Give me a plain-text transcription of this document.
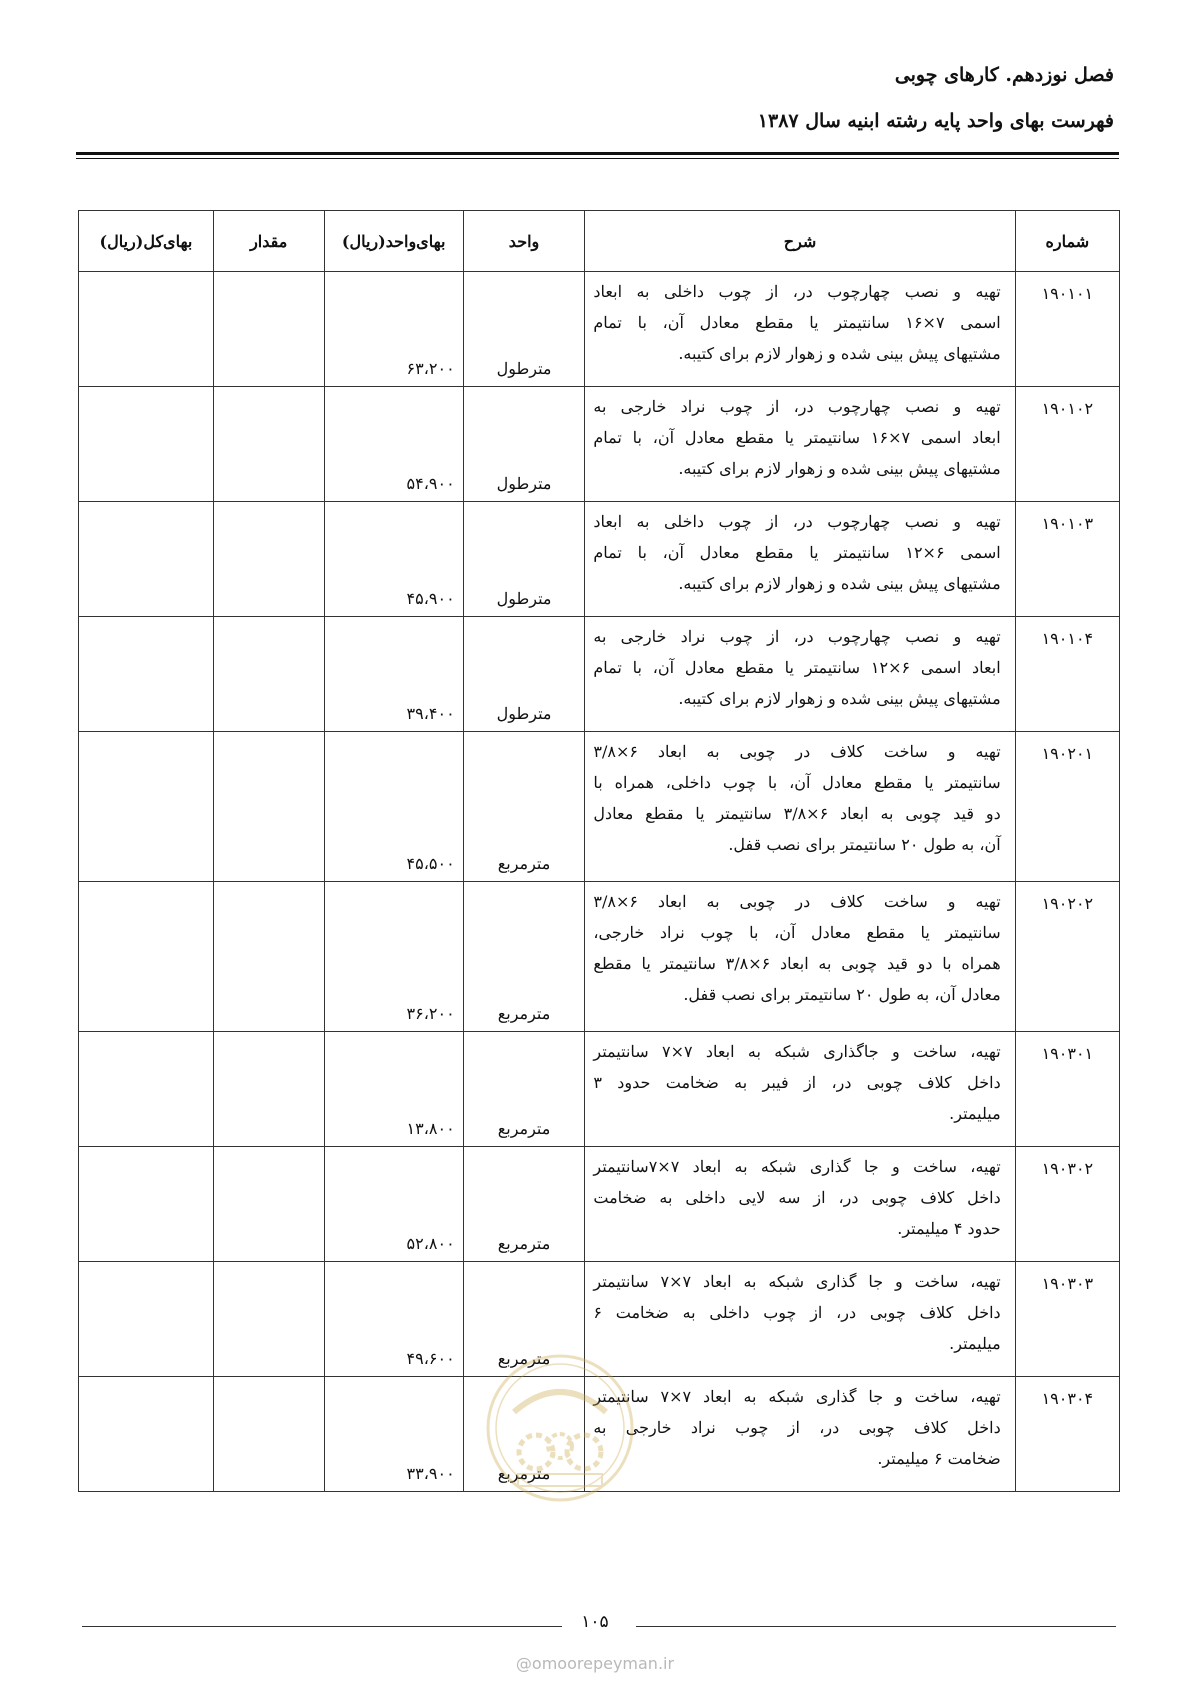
فصل نوزدهم. کارهای چوبی
فهرست بهای واحد پایه رشته ابنیه سال ۱۳۸۷
شماره	شرح	واحد	بهای‌واحد(ریال)	مقدار	بهای‌کل(ریال)
۱۹۰۱۰۱	تهیه و نصب چهارچوب در، از چوب داخلی به ابعاد
اسمی ۷×۱۶ سانتیمتر یا مقطع معادل آن، با تمام
مشتیهای پیش بینی شده و زهوار لازم برای کتیبه.	مترطول	۶۳،۲۰۰		
۱۹۰۱۰۲	تهیه و نصب چهارچوب در، از چوب نراد خارجی به
ابعاد اسمی ۷×۱۶ سانتیمتر یا مقطع معادل آن، با تمام
مشتیهای پیش بینی شده و زهوار لازم برای کتیبه.	مترطول	۵۴،۹۰۰		
۱۹۰۱۰۳	تهیه و نصب چهارچوب در، از چوب داخلی به ابعاد
اسمی ۶×۱۲ سانتیمتر یا مقطع معادل آن، با تمام
مشتیهای پیش بینی شده و زهوار لازم برای کتیبه.	مترطول	۴۵،۹۰۰		
۱۹۰۱۰۴	تهیه و نصب چهارچوب در، از چوب نراد خارجی به
ابعاد اسمی ۶×۱۲ سانتیمتر یا مقطع معادل آن، با تمام
مشتیهای پیش بینی شده و زهوار لازم برای کتیبه.	مترطول	۳۹،۴۰۰		
۱۹۰۲۰۱	تهیه و ساخت کلاف در چوبی به ابعاد ۶×۳/۸
سانتیمتر یا مقطع معادل آن، با چوب داخلی، همراه با
دو قید چوبی به ابعاد ۶×۳/۸ سانتیمتر یا مقطع معادل
آن، به طول ۲۰ سانتیمتر برای نصب قفل.	مترمربع	۴۵،۵۰۰		
۱۹۰۲۰۲	تهیه و ساخت کلاف در چوبی به ابعاد ۶×۳/۸
سانتیمتر یا مقطع معادل آن، با چوب نراد خارجی،
همراه با دو قید چوبی به ابعاد ۶×۳/۸ سانتیمتر یا مقطع
معادل آن، به طول ۲۰ سانتیمتر برای نصب قفل.	مترمربع	۳۶،۲۰۰		
۱۹۰۳۰۱	تهیه، ساخت و جاگذاری شبکه به ابعاد ۷×۷ سانتیمتر
داخل کلاف چوبی در، از فیبر به ضخامت حدود ۳
میلیمتر.	مترمربع	۱۳،۸۰۰		
۱۹۰۳۰۲	تهیه، ساخت و جا گذاری شبکه به ابعاد ۷×۷سانتیمتر
داخل کلاف چوبی در، از سه لایی داخلی به ضخامت
حدود ۴ میلیمتر.	مترمربع	۵۲،۸۰۰		
۱۹۰۳۰۳	تهیه، ساخت و جا گذاری شبکه به ابعاد ۷×۷ سانتیمتر
داخل کلاف چوبی در، از چوب داخلی به ضخامت ۶
میلیمتر.	مترمربع	۴۹،۶۰۰		
۱۹۰۳۰۴	تهیه، ساخت و جا گذاری شبکه به ابعاد ۷×۷ سانتیمتر
داخل کلاف چوبی در، از چوب نراد خارجی به
ضخامت ۶ میلیمتر.	مترمربع	۳۳،۹۰۰		
۱۰۵
@omoorepeyman.ir
